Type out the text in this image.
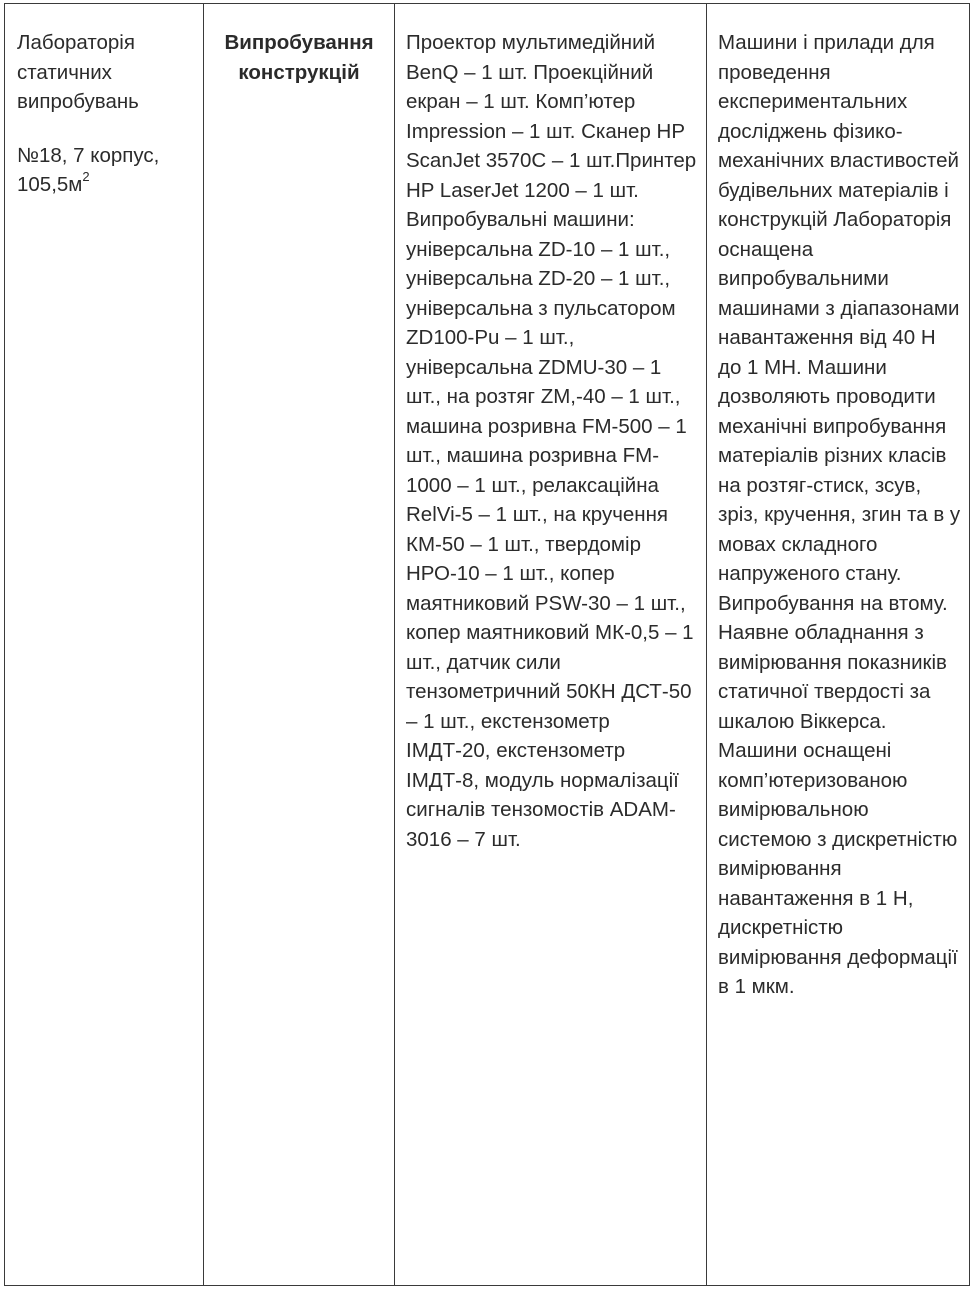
Лабораторія статичних випробувань

№18, 7 корпус, $105,5м^2$

Випробування конструкцій

Проектор мультимедійний BenQ – 1 шт. Проекційний екран – 1 шт. Комп’ютер Impression – 1 шт. Сканер HP ScanJet 3570C – 1 шт.Принтер HP LaserJet 1200 – 1 шт. Випробувальні машини: універсальна ZD-10 – 1 шт., універсальна ZD-20 – 1 шт., універсальна з пульсатором ZD100-Pu – 1 шт., універсальна ZDMU-30 – 1 шт., на розтяг ZM,-40 – 1 шт., машина розривна FM-500 – 1 шт., машина розривна FM-1000 – 1 шт., релаксаційна RelVi-5 – 1 шт., на кручення КМ-50 – 1 шт., твердомір НРО-10 – 1 шт., копер маятниковий PSW-30 – 1 шт., копер маятниковий МК-0,5 – 1 шт., датчик сили тензометричний 50КН ДСТ-50 – 1 шт., екстензометр ІМДТ-20, екстензометр ІМДТ-8, модуль нормалізації сигналів тензомостів ADAM-3016 – 7 шт.

Машини і прилади для проведення експериментальних досліджень фізико-механічних властивостей будівельних матеріалів і конструкцій Лабораторія оснащена випробувальними машинами з діапазонами навантаження від 40 Н до 1 МН. Машини дозволяють проводити механічні випробування матеріалів різних класів на розтяг-стиск, зсув, зріз, кручення, згин та в у мовах складного напруженого стану. Випробування на втому. Наявне обладнання з вимірювання показників статичної твердості за шкалою Віккерса. Машини оснащені комп’ютеризованою вимірювальною системою з дискретністю вимірювання навантаження в 1 Н, дискретністю вимірювання деформації в 1 мкм.
